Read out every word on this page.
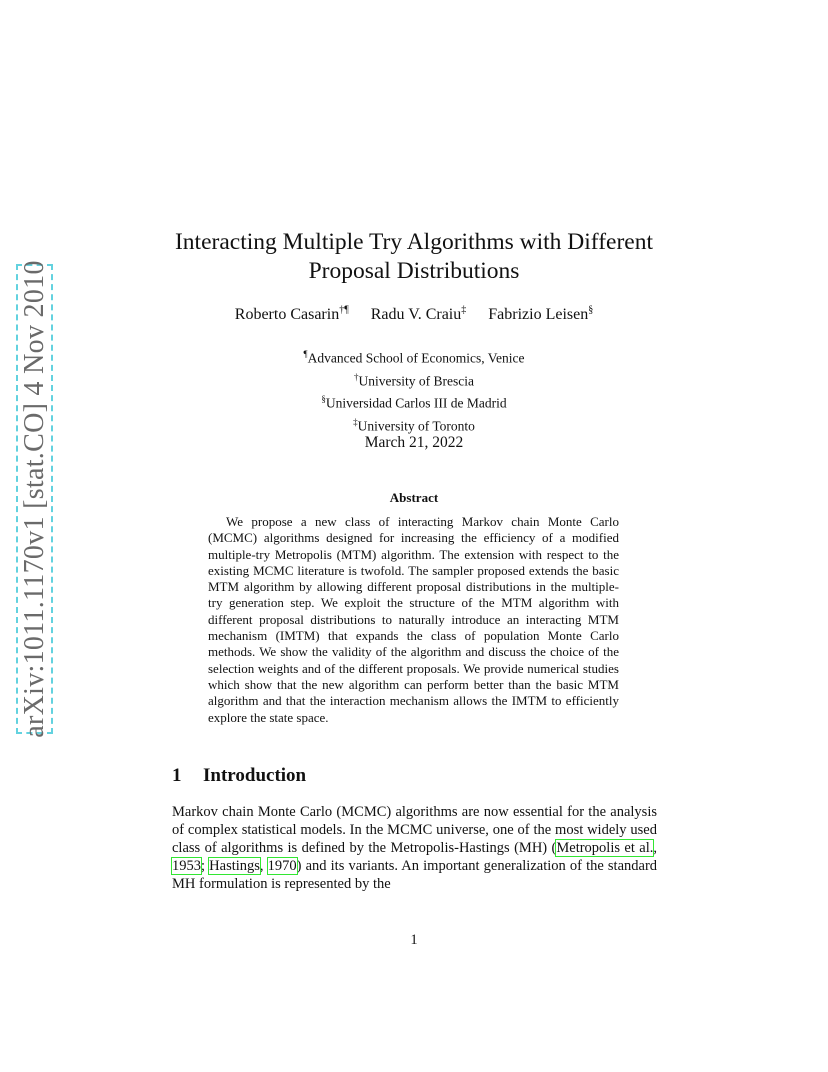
arXiv:1011.1170v1 [stat.CO] 4 Nov 2010
Interacting Multiple Try Algorithms with Different
Proposal Distributions
Roberto Casarin†¶ Radu V. Craiu‡ Fabrizio Leisen§
¶Advanced School of Economics, Venice
†University of Brescia
§Universidad Carlos III de Madrid
‡University of Toronto
March 21, 2022
Abstract
We propose a new class of interacting Markov chain Monte Carlo (MCMC) algorithms designed for increasing the efficiency of a modified multiple-try Metropolis (MTM) algorithm. The extension with respect to the existing MCMC literature is twofold. The sampler proposed extends the basic MTM algorithm by allowing different proposal distributions in the multiple-try generation step. We exploit the structure of the MTM algorithm with different proposal distributions to naturally introduce an interacting MTM mechanism (IMTM) that expands the class of population Monte Carlo methods. We show the validity of the algorithm and discuss the choice of the selection weights and of the different proposals. We provide numerical studies which show that the new algorithm can perform better than the basic MTM algorithm and that the interaction mechanism allows the IMTM to efficiently explore the state space.
1 Introduction
Markov chain Monte Carlo (MCMC) algorithms are now essential for the analysis of complex statistical models. In the MCMC universe, one of the most widely used class of algorithms is defined by the Metropolis-Hastings (MH) (Metropolis et al., 1953; Hastings, 1970) and its variants. An important generalization of the standard MH formulation is represented by the
1
